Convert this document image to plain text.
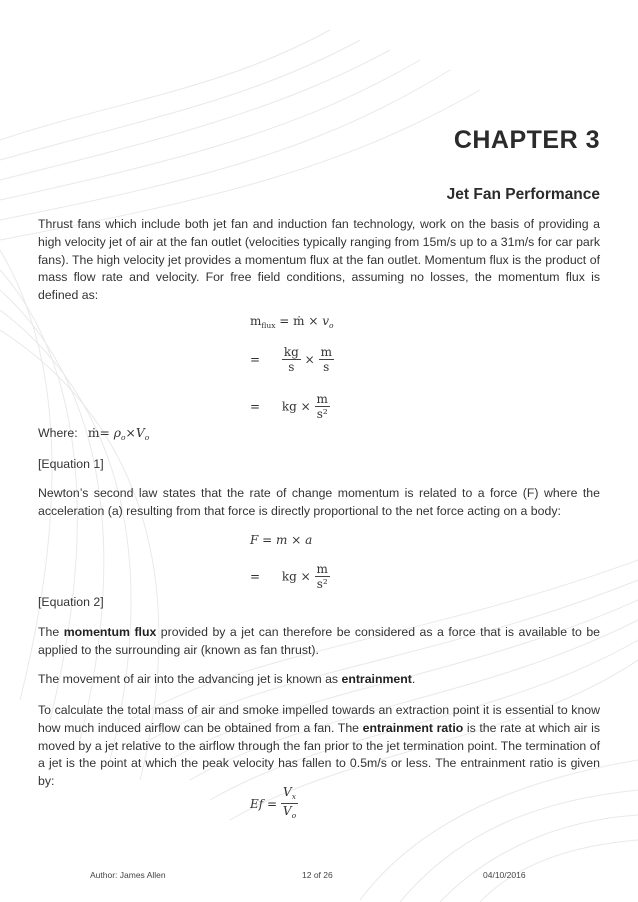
CHAPTER 3
Jet Fan Performance

Thrust fans which include both jet fan and induction fan technology, work on the basis of providing a high velocity jet of air at the fan outlet (velocities typically ranging from 15m/s up to a 31m/s for car park fans). The high velocity jet provides a momentum flux at the fan outlet. Momentum flux is the product of mass flow rate and velocity. For free field conditions, assuming no losses, the momentum flux is defined as:

$m_{flux}$ = ṁ × $v_o$
= $\frac{kg}{s} \times \frac{m}{s}$
= kg × $\frac{m}{\text{s²}}$

Where: ṁ= $\rho_o\times V_o$

[Equation 1]

Newton’s second law states that the rate of change momentum is related to a force (F) where the acceleration (a) resulting from that force is directly proportional to the net force acting on a body:

F = m × a
= kg × $\frac{m}{\text{s²}}$

[Equation 2]

The momentum flux provided by a jet can therefore be considered as a force that is available to be applied to the surrounding air (known as fan thrust).

The movement of air into the advancing jet is known as entrainment.

To calculate the total mass of air and smoke impelled towards an extraction point it is essential to know how much induced airflow can be obtained from a fan. The entrainment ratio is the rate at which air is moved by a jet relative to the airflow through the fan prior to the jet termination point. The termination of a jet is the point at which the peak velocity has fallen to 0.5m/s or less. The entrainment ratio is given by:

$Ef = \frac{V_x}{V_o}$
Author: James Allen	12 of 26	04/10/2016
